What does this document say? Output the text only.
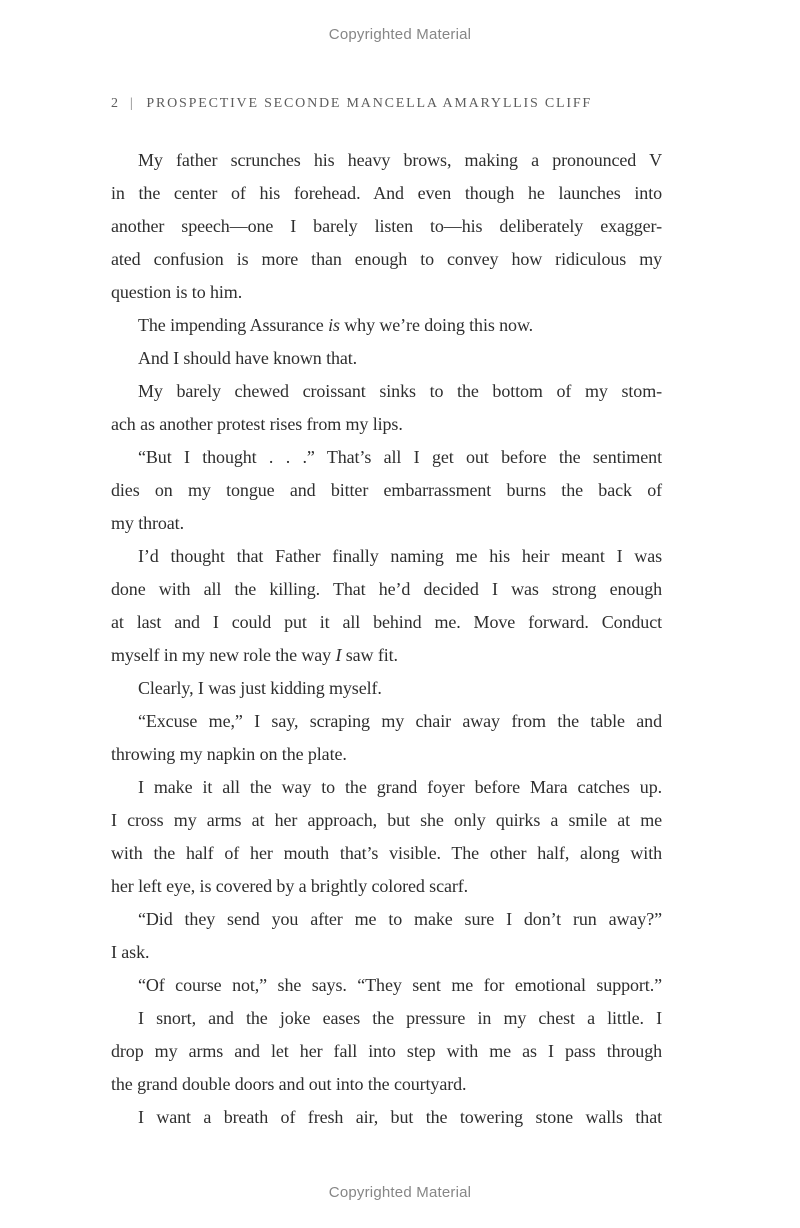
Copyrighted Material
2 | PROSPECTIVE SECONDE MANCELLA AMARYLLIS CLIFF
My father scrunches his heavy brows, making a pronounced V
in the center of his forehead. And even though he launches into
another speech—one I barely listen to—his deliberately exagger-
ated confusion is more than enough to convey how ridiculous my
question is to him.
The impending Assurance is why we’re doing this now.
And I should have known that.
My barely chewed croissant sinks to the bottom of my stom-
ach as another protest rises from my lips.
“But I thought . . .” That’s all I get out before the sentiment
dies on my tongue and bitter embarrassment burns the back of
my throat.
I’d thought that Father finally naming me his heir meant I was
done with all the killing. That he’d decided I was strong enough
at last and I could put it all behind me. Move forward. Conduct
myself in my new role the way I saw fit.
Clearly, I was just kidding myself.
“Excuse me,” I say, scraping my chair away from the table and
throwing my napkin on the plate.
I make it all the way to the grand foyer before Mara catches up.
I cross my arms at her approach, but she only quirks a smile at me
with the half of her mouth that’s visible. The other half, along with
her left eye, is covered by a brightly colored scarf.
“Did they send you after me to make sure I don’t run away?”
I ask.
“Of course not,” she says. “They sent me for emotional support.”
I snort, and the joke eases the pressure in my chest a little. I
drop my arms and let her fall into step with me as I pass through
the grand double doors and out into the courtyard.
I want a breath of fresh air, but the towering stone walls that
Copyrighted Material
